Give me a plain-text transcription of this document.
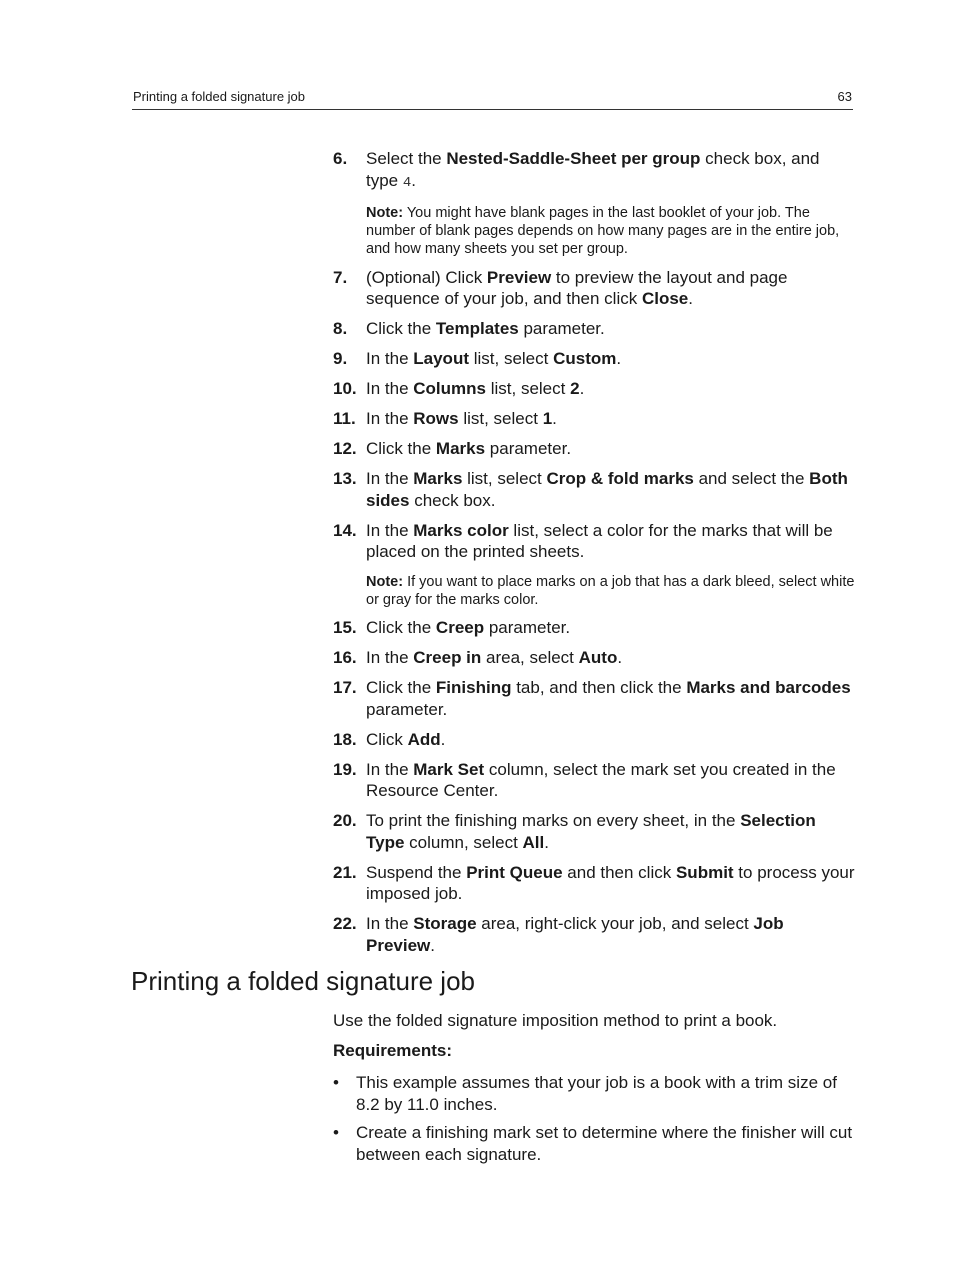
Printing a folded signature job	63
6. Select the Nested-Saddle-Sheet per group check box, and type 4.
Note: You might have blank pages in the last booklet of your job. The number of blank pages depends on how many pages are in the entire job, and how many sheets you set per group.
7. (Optional) Click Preview to preview the layout and page sequence of your job, and then click Close.
8. Click the Templates parameter.
9. In the Layout list, select Custom.
10. In the Columns list, select 2.
11. In the Rows list, select 1.
12. Click the Marks parameter.
13. In the Marks list, select Crop & fold marks and select the Both sides check box.
14. In the Marks color list, select a color for the marks that will be placed on the printed sheets.
Note: If you want to place marks on a job that has a dark bleed, select white or gray for the marks color.
15. Click the Creep parameter.
16. In the Creep in area, select Auto.
17. Click the Finishing tab, and then click the Marks and barcodes parameter.
18. Click Add.
19. In the Mark Set column, select the mark set you created in the Resource Center.
20. To print the finishing marks on every sheet, in the Selection Type column, select All.
21. Suspend the Print Queue and then click Submit to process your imposed job.
22. In the Storage area, right-click your job, and select Job Preview.
Printing a folded signature job
Use the folded signature imposition method to print a book.
Requirements:
• This example assumes that your job is a book with a trim size of 8.2 by 11.0 inches.
• Create a finishing mark set to determine where the finisher will cut between each signature.
